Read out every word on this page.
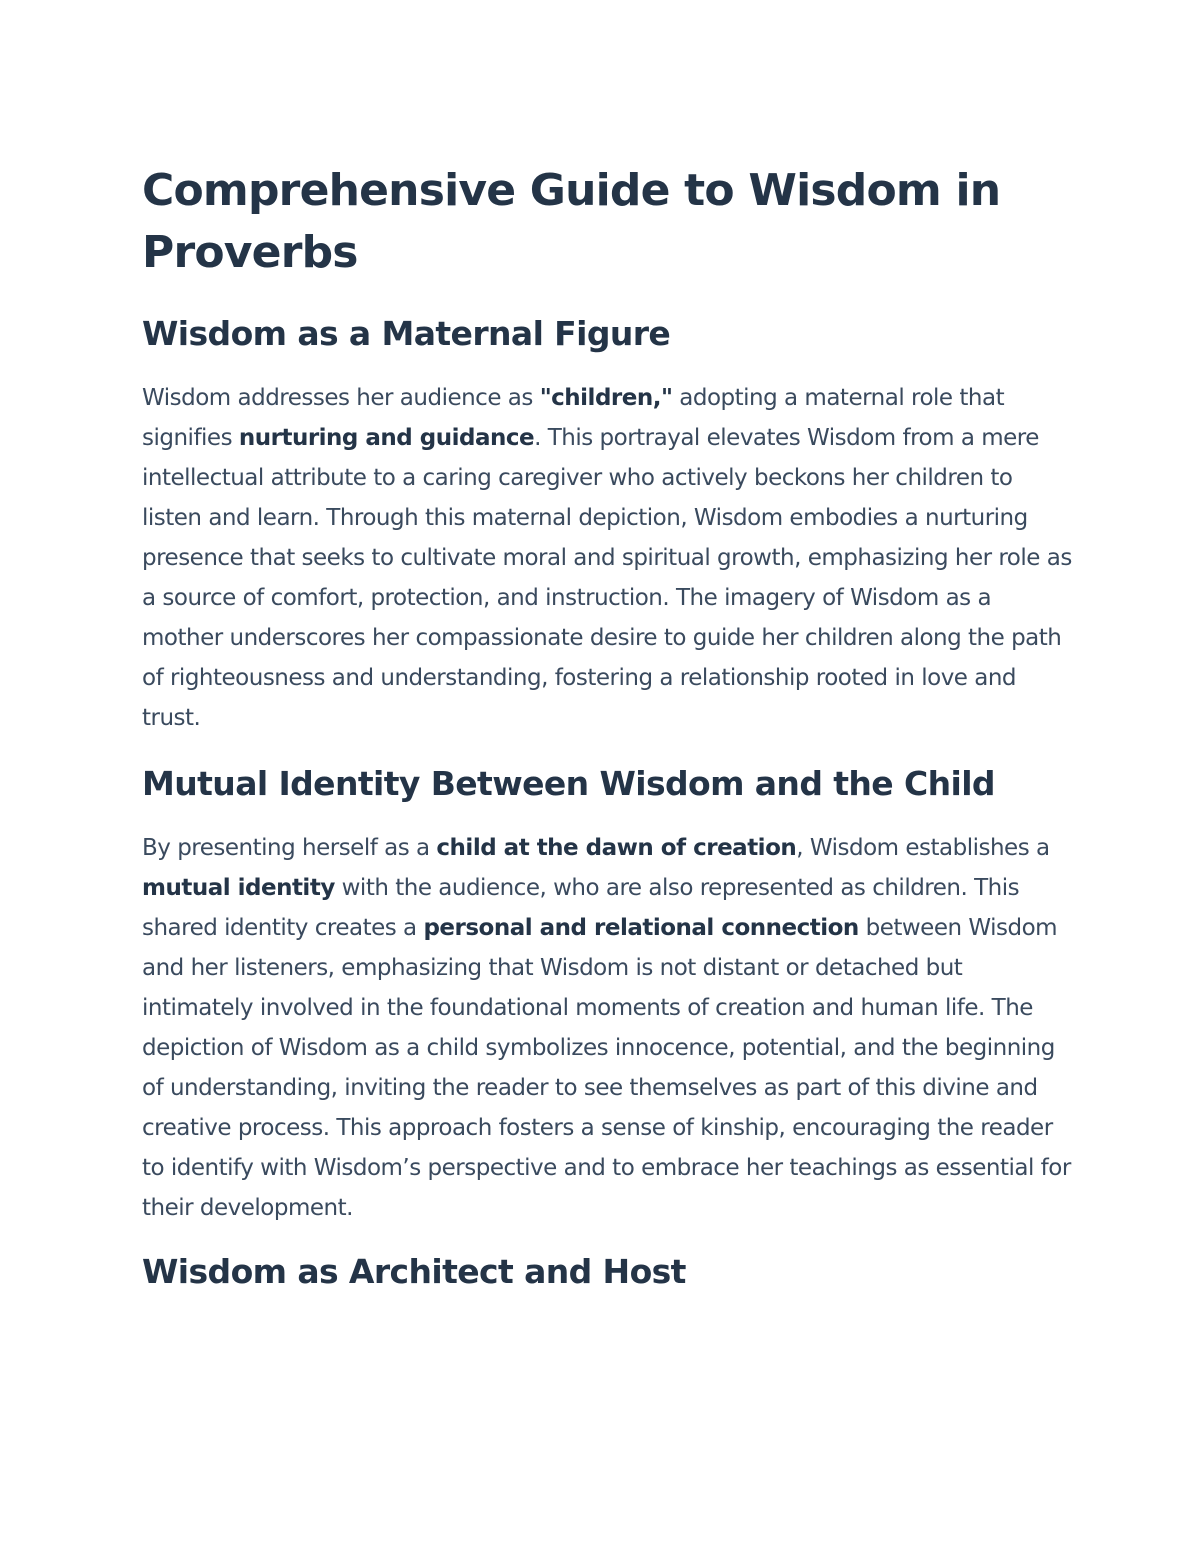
Comprehensive Guide to Wisdom in Proverbs
Wisdom as a Maternal Figure

Wisdom addresses her audience as "children," adopting a maternal role that signifies nurturing and guidance. This portrayal elevates Wisdom from a mere intellectual attribute to a caring caregiver who actively beckons her children to listen and learn. Through this maternal depiction, Wisdom embodies a nurturing presence that seeks to cultivate moral and spiritual growth, emphasizing her role as a source of comfort, protection, and instruction. The imagery of Wisdom as a mother underscores her compassionate desire to guide her children along the path of righteousness and understanding, fostering a relationship rooted in love and trust.

Mutual Identity Between Wisdom and the Child

By presenting herself as a child at the dawn of creation, Wisdom establishes a mutual identity with the audience, who are also represented as children. This shared identity creates a personal and relational connection between Wisdom and her listeners, emphasizing that Wisdom is not distant or detached but intimately involved in the foundational moments of creation and human life. The depiction of Wisdom as a child symbolizes innocence, potential, and the beginning of understanding, inviting the reader to see themselves as part of this divine and creative process. This approach fosters a sense of kinship, encouraging the reader to identify with Wisdom’s perspective and to embrace her teachings as essential for their development.

Wisdom as Architect and Host
